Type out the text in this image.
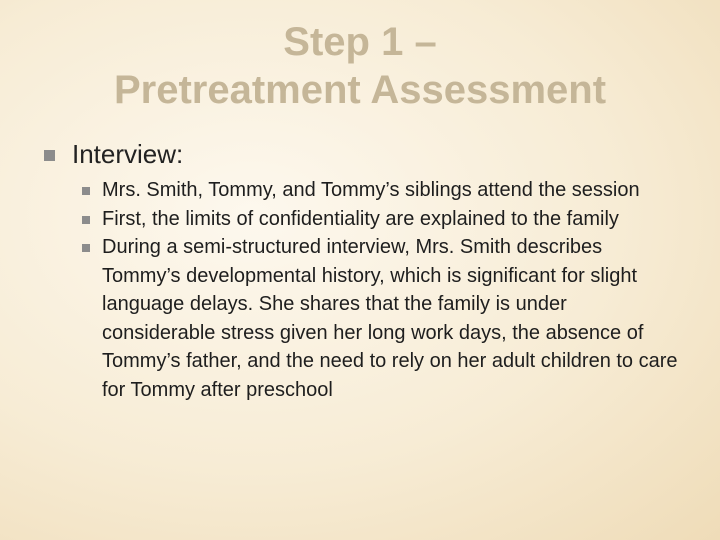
Step 1 –
Pretreatment Assessment
Interview:
Mrs. Smith, Tommy, and Tommy’s siblings attend the session
First, the limits of confidentiality are explained to the family
During a semi-structured interview, Mrs. Smith describes Tommy’s developmental history, which is significant for slight language delays. She shares that the family is under considerable stress given her long work days, the absence of Tommy’s father, and the need to rely on her adult children to care for Tommy after preschool
